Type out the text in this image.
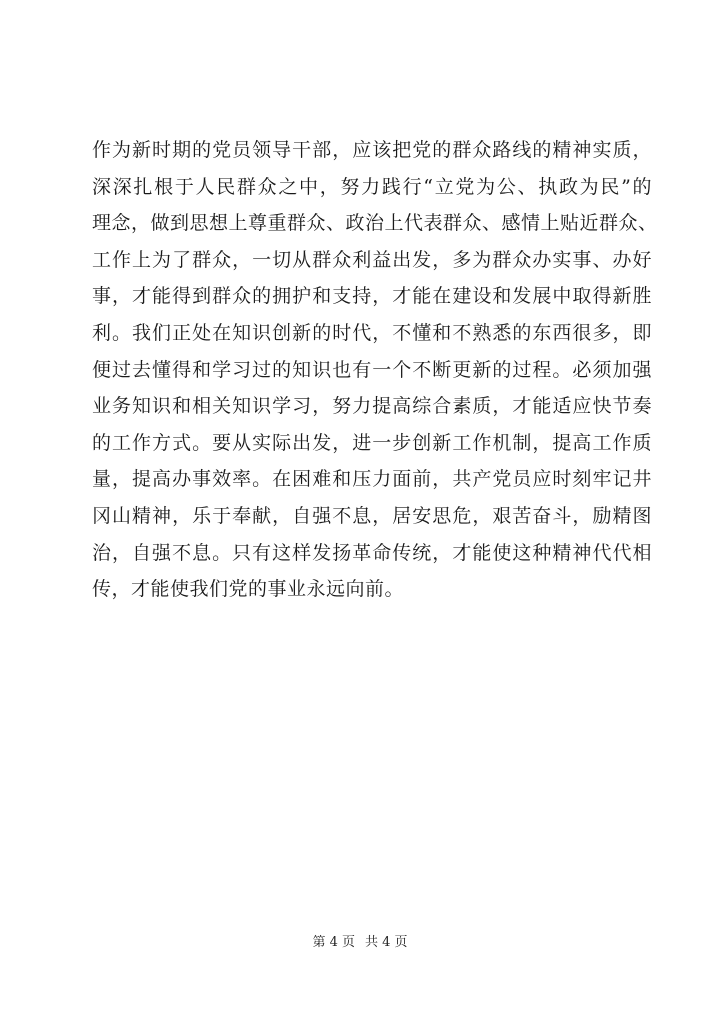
作为新时期的党员领导干部，应该把党的群众路线的精神实质，
深深扎根于人民群众之中，努力践行“立党为公、执政为民”的
理念，做到思想上尊重群众、政治上代表群众、感情上贴近群众、
工作上为了群众，一切从群众利益出发，多为群众办实事、办好
事，才能得到群众的拥护和支持，才能在建设和发展中取得新胜
利。我们正处在知识创新的时代，不懂和不熟悉的东西很多，即
便过去懂得和学习过的知识也有一个不断更新的过程。必须加强
业务知识和相关知识学习，努力提高综合素质，才能适应快节奏
的工作方式。要从实际出发，进一步创新工作机制，提高工作质
量，提高办事效率。在困难和压力面前，共产党员应时刻牢记井
冈山精神，乐于奉献，自强不息，居安思危，艰苦奋斗，励精图
治，自强不息。只有这样发扬革命传统，才能使这种精神代代相
传，才能使我们党的事业永远向前。
第 4 页 共 4 页
